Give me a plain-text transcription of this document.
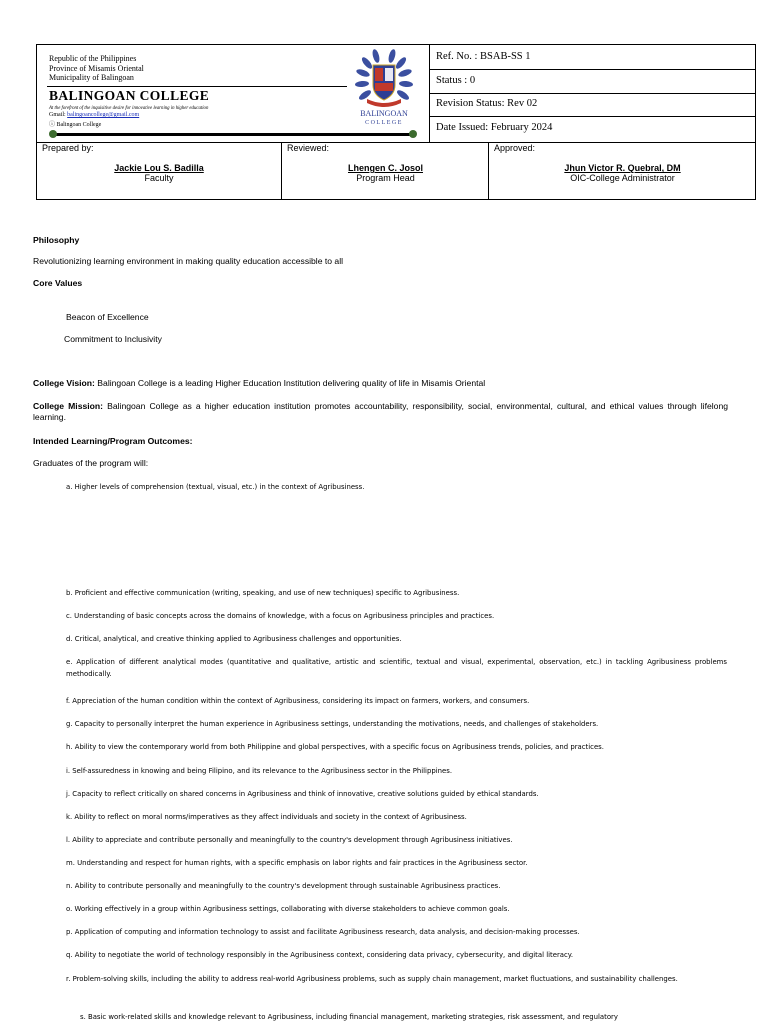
Republic of the Philippines
Province of Misamis Oriental
Municipality of Balingoan
BALINGOAN COLLEGE
At the forefront of the inquisitive desire for innovative learning in higher education
Gmail: balingoancollege@gmail.com
ⓘ Balingoan College
BALINGOAN
COLLEGE
Ref. No. : BSAB-SS 1
Status : 0
Revision Status: Rev 02
Date Issued: February 2024
Prepared by:
Jackie Lou S. Badilla
Faculty
Reviewed:
Lhengen C. Josol
Program Head
Approved:
Jhun Victor R. Quebral, DM
OIC-College Administrator
Philosophy
Revolutionizing learning environment in making quality education accessible to all
Core Values
Beacon of Excellence
Commitment to Inclusivity
College Vision: Balingoan College is a leading Higher Education Institution delivering quality of life in Misamis Oriental
College Mission: Balingoan College as a higher education institution promotes accountability, responsibility, social, environmental, cultural, and ethical values through lifelong learning.
Intended Learning/Program Outcomes:
Graduates of the program will:
a. Higher levels of comprehension (textual, visual, etc.) in the context of Agribusiness.
b. Proficient and effective communication (writing, speaking, and use of new techniques) specific to Agribusiness.
c. Understanding of basic concepts across the domains of knowledge, with a focus on Agribusiness principles and practices.
d. Critical, analytical, and creative thinking applied to Agribusiness challenges and opportunities.
e. Application of different analytical modes (quantitative and qualitative, artistic and scientific, textual and visual, experimental, observation, etc.) in tackling Agribusiness problems methodically.
f. Appreciation of the human condition within the context of Agribusiness, considering its impact on farmers, workers, and consumers.
g. Capacity to personally interpret the human experience in Agribusiness settings, understanding the motivations, needs, and challenges of stakeholders.
h. Ability to view the contemporary world from both Philippine and global perspectives, with a specific focus on Agribusiness trends, policies, and practices.
i. Self-assuredness in knowing and being Filipino, and its relevance to the Agribusiness sector in the Philippines.
j. Capacity to reflect critically on shared concerns in Agribusiness and think of innovative, creative solutions guided by ethical standards.
k. Ability to reflect on moral norms/imperatives as they affect individuals and society in the context of Agribusiness.
l. Ability to appreciate and contribute personally and meaningfully to the country's development through Agribusiness initiatives.
m. Understanding and respect for human rights, with a specific emphasis on labor rights and fair practices in the Agribusiness sector.
n. Ability to contribute personally and meaningfully to the country's development through sustainable Agribusiness practices.
o. Working effectively in a group within Agribusiness settings, collaborating with diverse stakeholders to achieve common goals.
p. Application of computing and information technology to assist and facilitate Agribusiness research, data analysis, and decision-making processes.
q. Ability to negotiate the world of technology responsibly in the Agribusiness context, considering data privacy, cybersecurity, and digital literacy.
r. Problem-solving skills, including the ability to address real-world Agribusiness problems, such as supply chain management, market fluctuations, and sustainability challenges.
s. Basic work-related skills and knowledge relevant to Agribusiness, including financial management, marketing strategies, risk assessment, and regulatory
